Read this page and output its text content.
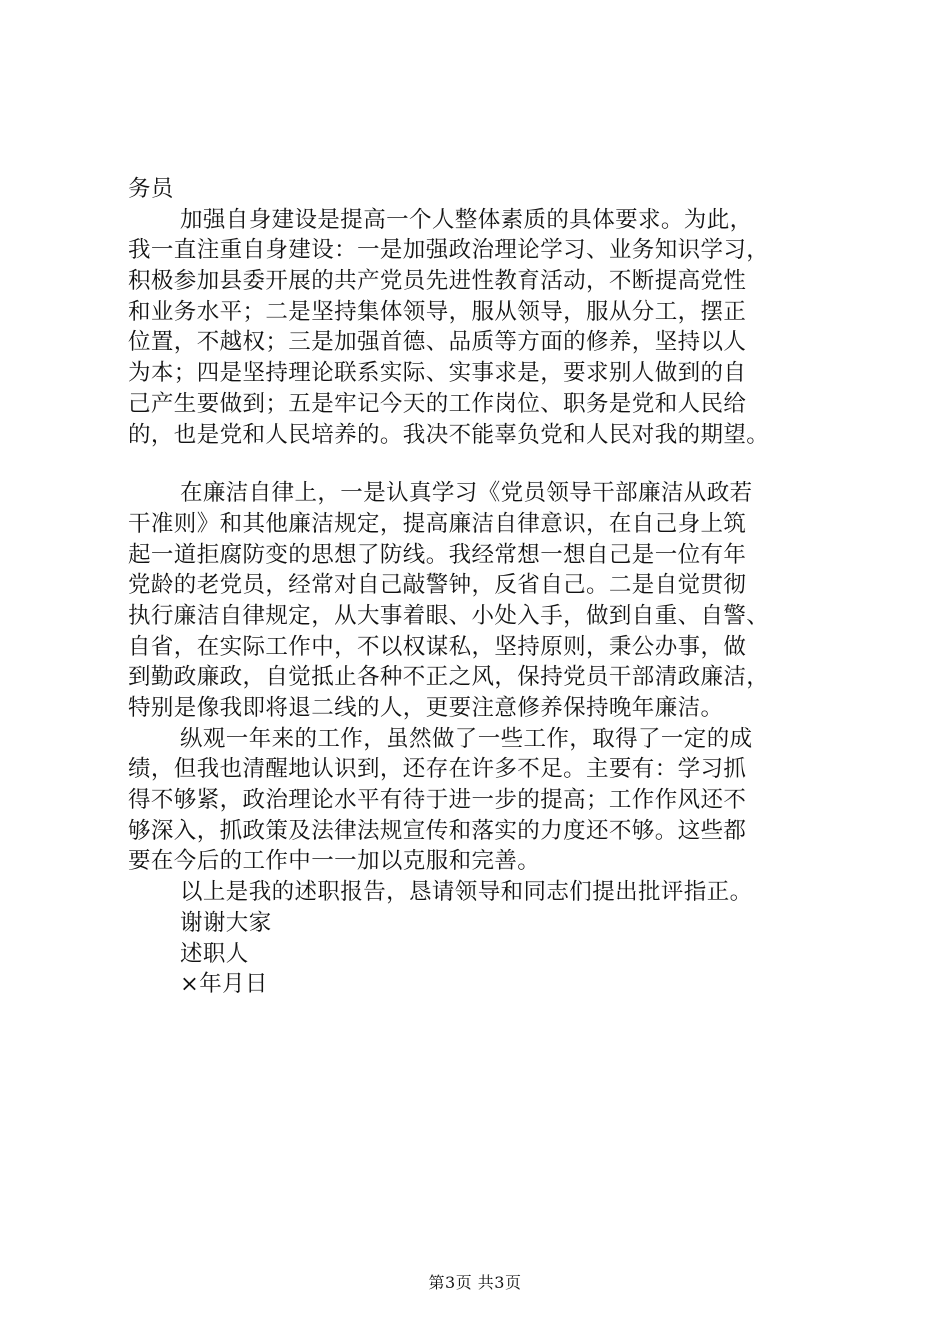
务员
加强自身建设是提高一个人整体素质的具体要求。为此，
我一直注重自身建设：一是加强政治理论学习、业务知识学习，
积极参加县委开展的共产党员先进性教育活动，不断提高党性
和业务水平；二是坚持集体领导，服从领导，服从分工，摆正
位置，不越权；三是加强首德、品质等方面的修养，坚持以人
为本；四是坚持理论联系实际、实事求是，要求别人做到的自
己产生要做到；五是牢记今天的工作岗位、职务是党和人民给
的，也是党和人民培养的。我决不能辜负党和人民对我的期望。
在廉洁自律上，一是认真学习《党员领导干部廉洁从政若
干准则》和其他廉洁规定，提高廉洁自律意识，在自己身上筑
起一道拒腐防变的思想了防线。我经常想一想自己是一位有年
党龄的老党员，经常对自己敲警钟，反省自己。二是自觉贯彻
执行廉洁自律规定，从大事着眼、小处入手，做到自重、自警、
自省，在实际工作中，不以权谋私，坚持原则，秉公办事，做
到勤政廉政，自觉抵止各种不正之风，保持党员干部清政廉洁，
特别是像我即将退二线的人，更要注意修养保持晚年廉洁。
纵观一年来的工作，虽然做了一些工作，取得了一定的成
绩，但我也清醒地认识到，还存在许多不足。主要有：学习抓
得不够紧，政治理论水平有待于进一步的提高；工作作风还不
够深入，抓政策及法律法规宣传和落实的力度还不够。这些都
要在今后的工作中一一加以克服和完善。
以上是我的述职报告，恳请领导和同志们提出批评指正。
谢谢大家
述职人
×年月日
第3页 共3页
